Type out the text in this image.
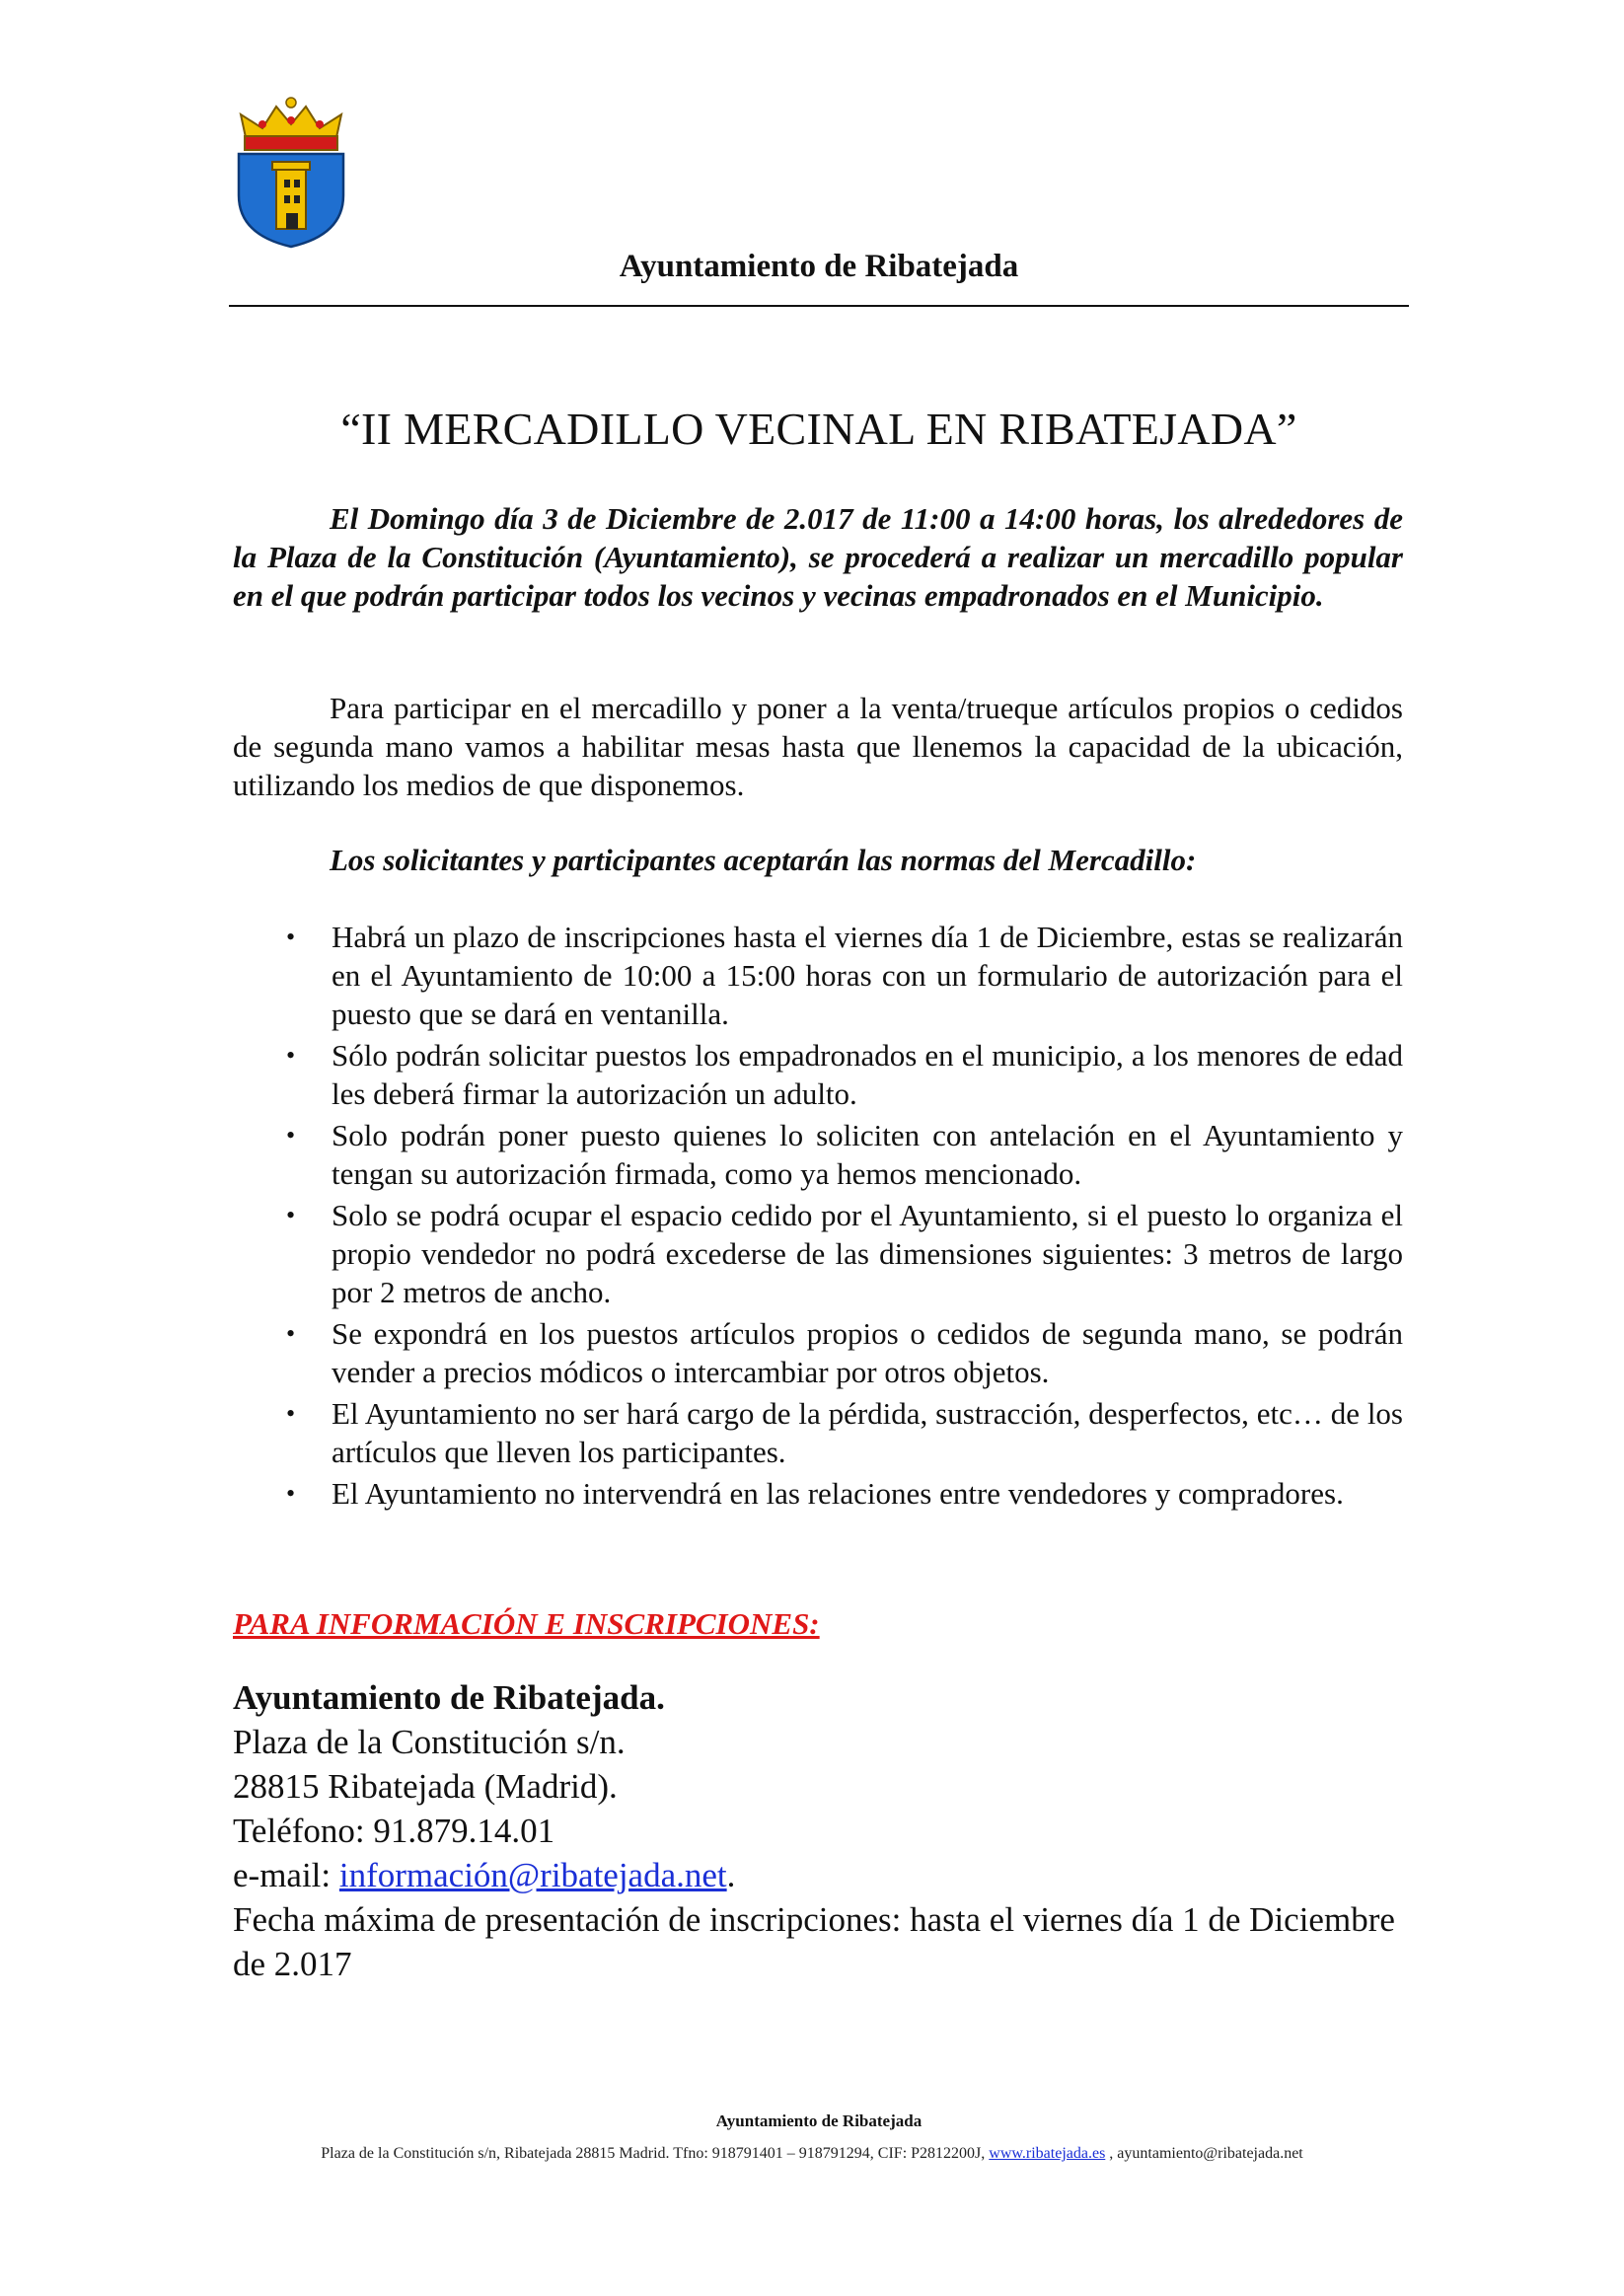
Ayuntamiento de Ribatejada
“II MERCADILLO VECINAL EN RIBATEJADA”
El Domingo día 3 de Diciembre de 2.017 de 11:00 a 14:00 horas, los alrededores de la Plaza de la Constitución (Ayuntamiento), se procederá a realizar un mercadillo popular en el que podrán participar todos los vecinos y vecinas empadronados en el Municipio.
Para participar en el mercadillo y poner a la venta/trueque artículos propios o cedidos de segunda mano vamos a habilitar mesas hasta que llenemos la capacidad de la ubicación, utilizando los medios de que disponemos.
Los solicitantes y participantes aceptarán las normas del Mercadillo:
• Habrá un plazo de inscripciones hasta el viernes día 1 de Diciembre, estas se realizarán en el Ayuntamiento de 10:00 a 15:00 horas con un formulario de autorización para el puesto que se dará en ventanilla.
• Sólo podrán solicitar puestos los empadronados en el municipio, a los menores de edad les deberá firmar la autorización un adulto.
• Solo podrán poner puesto quienes lo soliciten con antelación en el Ayuntamiento y tengan su autorización firmada, como ya hemos mencionado.
• Solo se podrá ocupar el espacio cedido por el Ayuntamiento, si el puesto lo organiza el propio vendedor no podrá excederse de las dimensiones siguientes: 3 metros de largo por 2 metros de ancho.
• Se expondrá en los puestos artículos propios o cedidos de segunda mano, se podrán vender a precios módicos o intercambiar por otros objetos.
• El Ayuntamiento no ser hará cargo de la pérdida, sustracción, desperfectos, etc… de los artículos que lleven los participantes.
• El Ayuntamiento no intervendrá en las relaciones entre vendedores y compradores.
PARA INFORMACIÓN E INSCRIPCIONES:
Ayuntamiento de Ribatejada.
Plaza de la Constitución s/n.
28815 Ribatejada (Madrid).
Teléfono: 91.879.14.01
e-mail: información@ribatejada.net.
Fecha máxima de presentación de inscripciones: hasta el viernes día 1 de Diciembre de 2.017
Ayuntamiento de Ribatejada
Plaza de la Constitución s/n, Ribatejada 28815 Madrid. Tfno: 918791401 – 918791294, CIF: P2812200J, www.ribatejada.es , ayuntamiento@ribatejada.net
